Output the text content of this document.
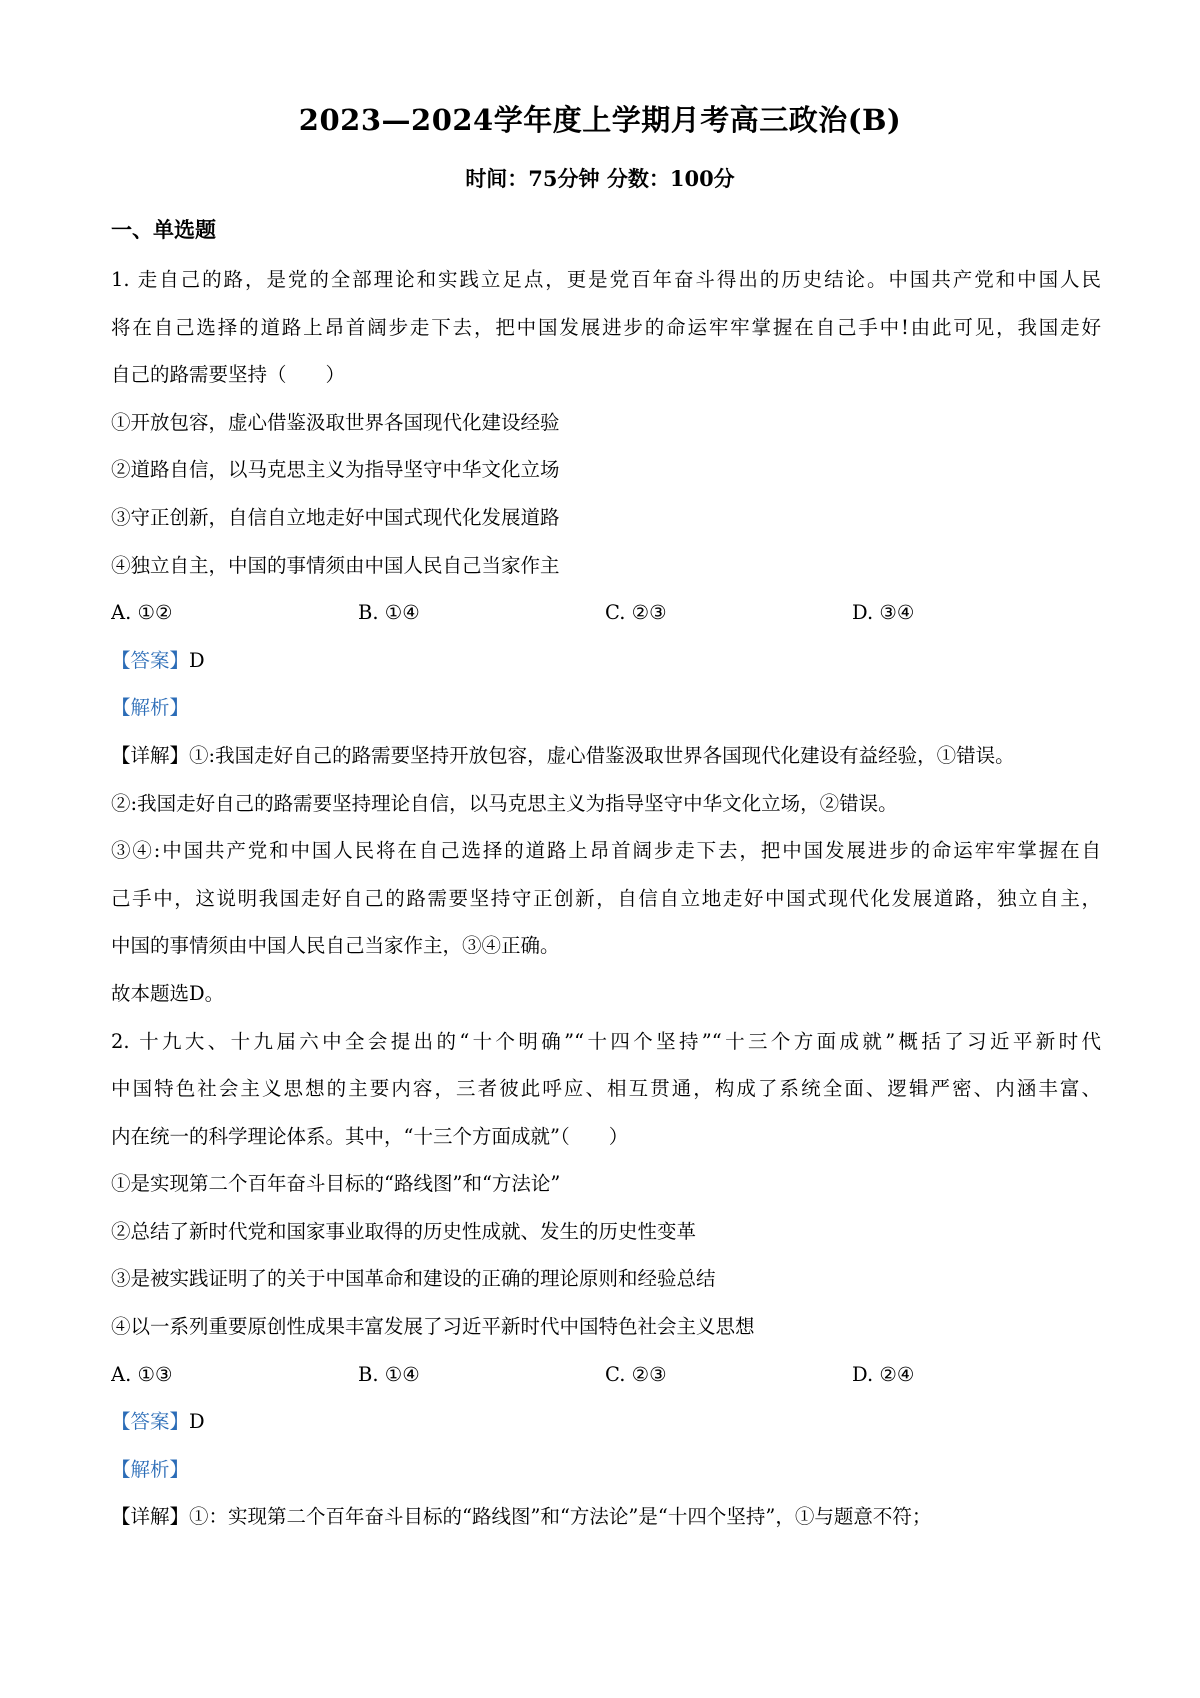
2023—2024学年度上学期月考高三政治(B)
时间：75分钟 分数：100分
一、单选题
1. 走自己的路，是党的全部理论和实践立足点，更是党百年奋斗得出的历史结论。中国共产党和中国人民
将在自己选择的道路上昂首阔步走下去，把中国发展进步的命运牢牢掌握在自己手中!由此可见，我国走好
自己的路需要坚持（　　）
①开放包容，虚心借鉴汲取世界各国现代化建设经验
②道路自信，以马克思主义为指导坚守中华文化立场
③守正创新，自信自立地走好中国式现代化发展道路
④独立自主，中国的事情须由中国人民自己当家作主
A. ①②	B. ①④	C. ②③	D. ③④
【答案】D
【解析】
【详解】①:我国走好自己的路需要坚持开放包容，虚心借鉴汲取世界各国现代化建设有益经验，①错误。
②:我国走好自己的路需要坚持理论自信，以马克思主义为指导坚守中华文化立场，②错误。
③④:中国共产党和中国人民将在自己选择的道路上昂首阔步走下去，把中国发展进步的命运牢牢掌握在自
己手中，这说明我国走好自己的路需要坚持守正创新，自信自立地走好中国式现代化发展道路，独立自主，
中国的事情须由中国人民自己当家作主，③④正确。
故本题选D。
2. 十九大、十九届六中全会提出的“十个明确”“十四个坚持”“十三个方面成就”概括了习近平新时代
中国特色社会主义思想的主要内容，三者彼此呼应、相互贯通，构成了系统全面、逻辑严密、内涵丰富、
内在统一的科学理论体系。其中，“十三个方面成就”（　　）
①是实现第二个百年奋斗目标的“路线图”和“方法论”
②总结了新时代党和国家事业取得的历史性成就、发生的历史性变革
③是被实践证明了的关于中国革命和建设的正确的理论原则和经验总结
④以一系列重要原创性成果丰富发展了习近平新时代中国特色社会主义思想
A. ①③	B. ①④	C. ②③	D. ②④
【答案】D
【解析】
【详解】①：实现第二个百年奋斗目标的“路线图”和“方法论”是“十四个坚持”，①与题意不符；
